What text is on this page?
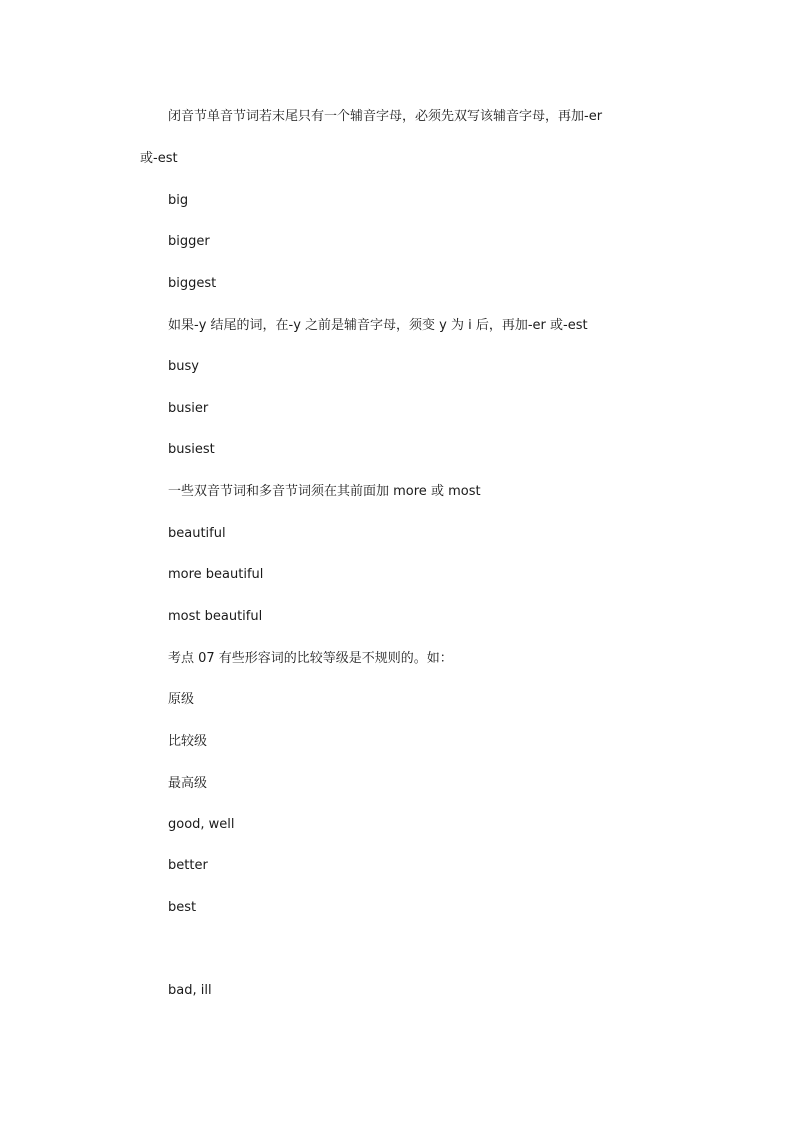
闭音节单音节词若末尾只有一个辅音字母，必须先双写该辅音字母，再加-er
或-est
big
bigger
biggest
如果-y 结尾的词，在-y 之前是辅音字母，须变 y 为 i 后，再加-er 或-est
busy
busier
busiest
一些双音节词和多音节词须在其前面加 more 或 most
beautiful
more beautiful
most beautiful
考点 07 有些形容词的比较等级是不规则的。如：
原级
比较级
最高级
good, well
better
best
bad, ill
